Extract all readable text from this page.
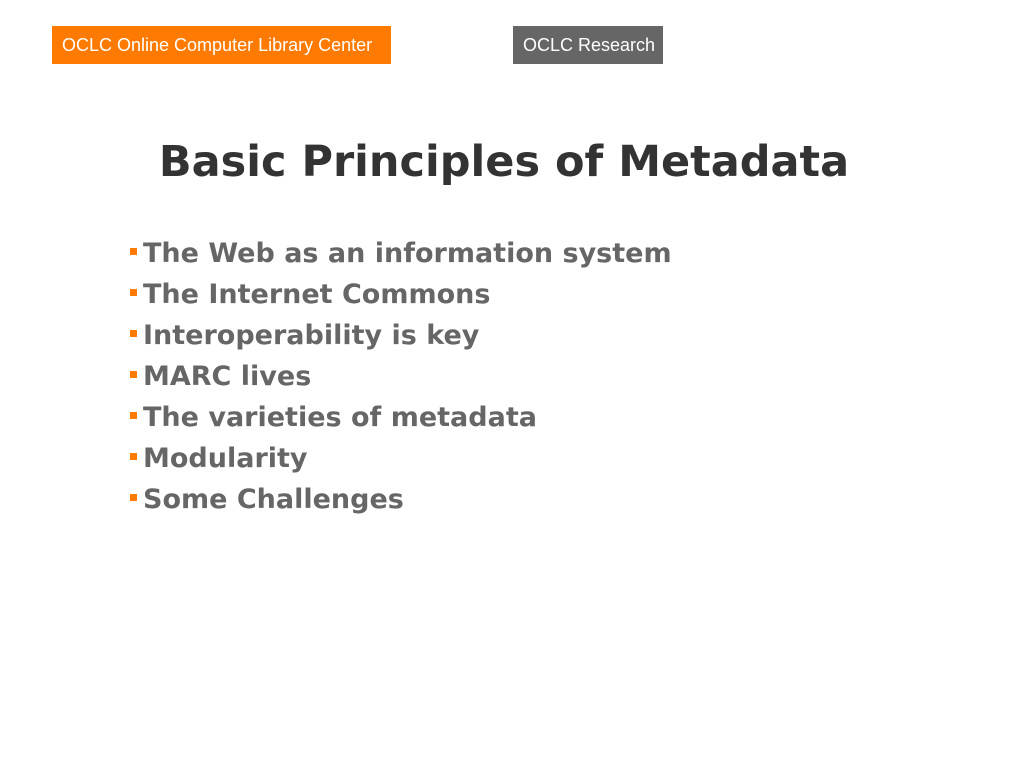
OCLC Online Computer Library Center	OCLC Research
Basic Principles of Metadata
The Web as an information system
The Internet Commons
Interoperability is key
MARC lives
The varieties of metadata
Modularity
Some Challenges
